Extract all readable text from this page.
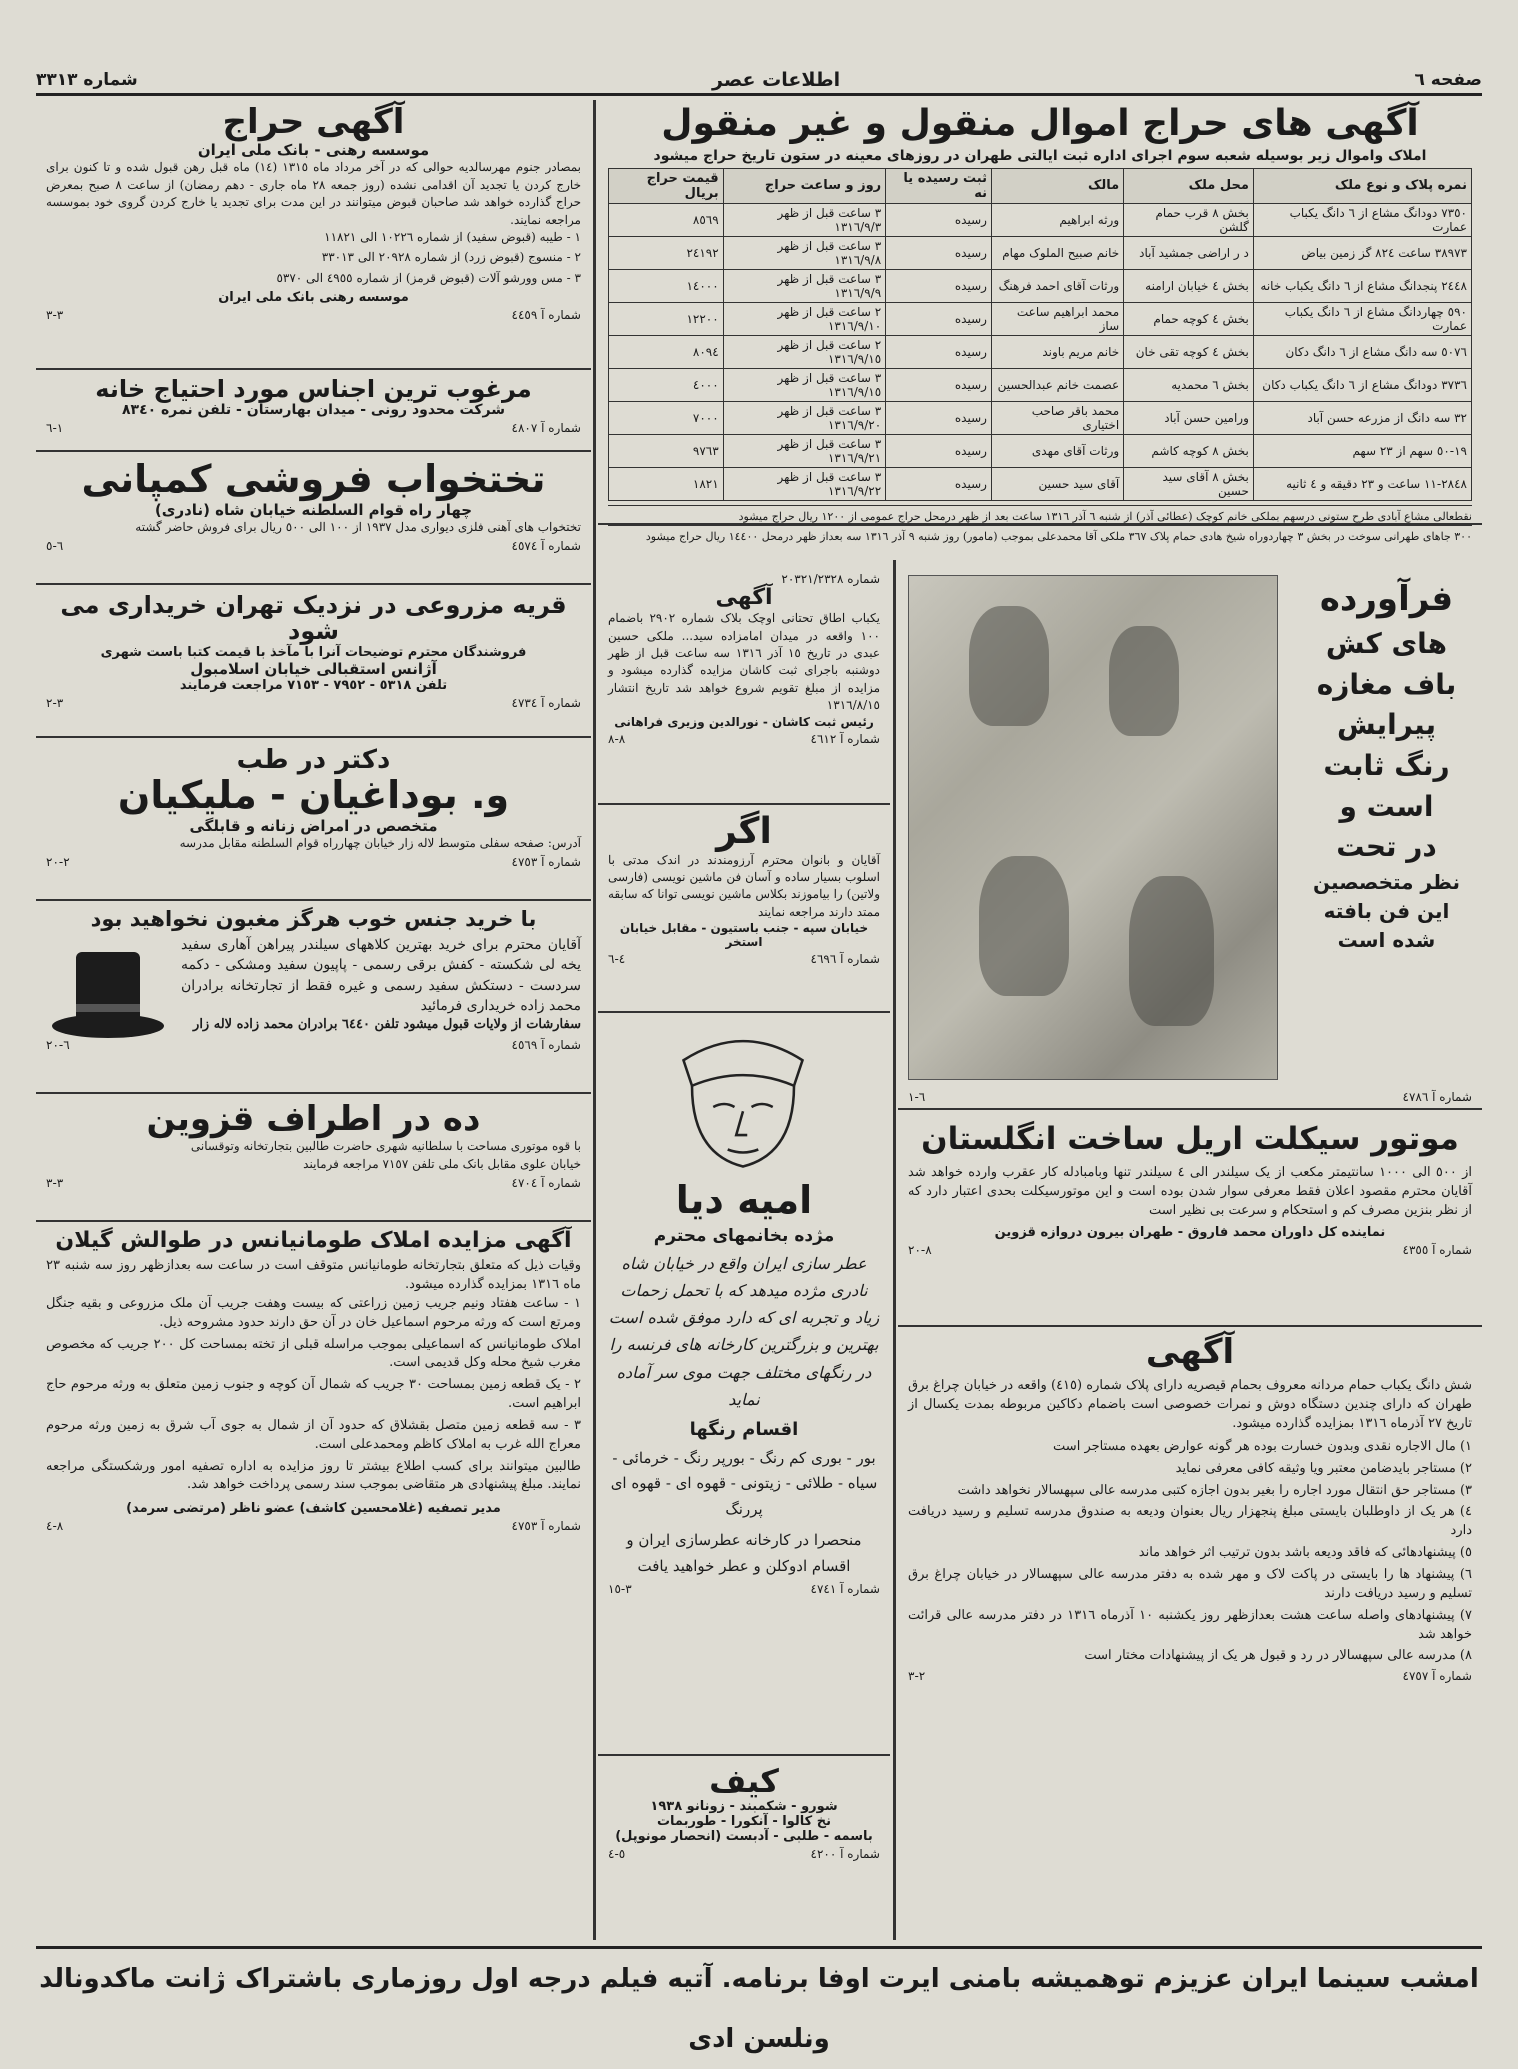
صفحه ٦
اطلاعات عصر
شماره ٣٣١٣
آگهی های حراج اموال منقول و غیر منقول
املاک واموال زیر بوسیله شعبه سوم اجرای اداره ثبت ایالتی طهران در روزهای معینه در ستون تاریخ حراج میشود
نمره پلاک و نوع ملک	محل ملک	مالک	ثبت رسیده یا نه	روز و ساعت حراج	قیمت حراج بریال
٧٣٥٠ دودانگ مشاع از ٦ دانگ یکباب عمارت	بخش ٨ قرب حمام گلشن	ورثه ابراهیم	رسیده	٣ ساعت قبل از ظهر ١٣١٦/٩/٣	٨٥٦٩
٣٨٩٧٣ ساعت ٨٢٤ گز زمین بیاض	د ر اراضی جمشید آباد	خانم صبیح الملوک مهام	رسیده	٣ ساعت قبل از ظهر ١٣١٦/٩/٨	٢٤١٩٢
٢٤٤٨ پنجدانگ مشاع از ٦ دانگ یکباب خانه	بخش ٤ خیابان ارامنه	ورثات آقای احمد فرهنگ	رسیده	٣ ساعت قبل از ظهر ١٣١٦/٩/٩	١٤٠٠٠
٥٩٠ چهاردانگ مشاع از ٦ دانگ یکباب عمارت	بخش ٤ کوچه حمام	محمد ابراهیم ساعت ساز	رسیده	٢ ساعت قبل از ظهر ١٣١٦/٩/١٠	١٢٢٠٠
٥٠٧٦ سه دانگ مشاع از ٦ دانگ دکان	بخش ٤ کوچه تقی خان	خانم مریم باوند	رسیده	٢ ساعت قبل از ظهر ١٣١٦/٩/١٥	٨٠٩٤
٣٧٣٦ دودانگ مشاع از ٦ دانگ یکباب دکان	بخش ٦ محمدیه	عصمت خانم عبدالحسین	رسیده	٣ ساعت قبل از ظهر ١٣١٦/٩/١٥	٤٠٠٠
٣٢ سه دانگ از مزرعه حسن آباد	ورامین حسن آباد	محمد باقر صاحب اختیاری	رسیده	٣ ساعت قبل از ظهر ١٣١٦/٩/٢٠	٧٠٠٠
١٩-٥٠ سهم از ٢٣ سهم	بخش ٨ کوچه کاشم	ورثات آقای مهدی	رسیده	٣ ساعت قبل از ظهر ١٣١٦/٩/٢١	٩٧٦٣
٢٨٤٨-١١ ساعت و ٢٣ دقیقه و ٤ ثانیه	بخش ٨ آقای سید حسین	آقای سید حسین	رسیده	٣ ساعت قبل از ظهر ١٣١٦/٩/٢٢	١٨٢١
نقطعالی مشاع آبادی طرح ستونی درسهم بملکی خانم کوچک (عطائی آذر) از شنبه ٦ آذر ١٣١٦ ساعت بعد از ظهر درمحل حراج عمومی از ١٢٠٠ ریال حراج میشود
٣٠٠ جاهای طهرانی سوخت در بخش ٣ چهاردوراه شیخ هادی حمام پلاک ٣٦٧ ملکی آقا محمدعلی بموجب (مامور) روز شنبه ٩ آذر ١٣١٦ سه بعداز ظهر درمحل ١٤٤٠٠ ریال حراج میشود
فرآورده
های کش
باف مغازه
پیرایش
رنگ ثابت
است و
در تحت
نظر متخصصین
این فن بافته
شده است
شماره آ ٤٧٨٦
٦-١
موتور سیکلت اریل ساخت انگلستان
از ٥٠٠ الی ١٠٠٠ سانتیمتر مکعب از یک سیلندر الی ٤ سیلندر تنها وبامبادله کار عقرب وارده خواهد شد آقایان محترم مقصود اعلان فقط معرفی سوار شدن بوده است و این موتورسیکلت بحدی اعتبار دارد که از نظر بنزین مصرف کم و استحکام و سرعت بی نظیر است
نماینده کل داوران محمد فاروق - طهران بیرون دروازه قزوین
شماره آ ٤٣٥٥
٨-٢٠
آگهی
شش دانگ یکباب حمام مردانه معروف بحمام قیصریه دارای پلاک شماره (٤١٥) واقعه در خیابان چراغ برق طهران که دارای چندین دستگاه دوش و نمرات خصوصی است باضمام دکاکین مربوطه بمدت یکسال از تاریخ ٢٧ آذرماه ١٣١٦ بمزایده گذارده میشود.

١) مال الاجاره نقدی وبدون خسارت بوده هر گونه عوارض بعهده مستاجر است

٢) مستاجر بایدضامن معتبر ویا وثیقه کافی معرفی نماید

٣) مستاجر حق انتقال مورد اجاره را بغیر بدون اجازه کتبی مدرسه عالی سپهسالار نخواهد داشت

٤) هر یک از داوطلبان بایستی مبلغ پنجهزار ریال بعنوان ودیعه به صندوق مدرسه تسلیم و رسید دریافت دارد

٥) پیشنهادهائی که فاقد ودیعه باشد بدون ترتیب اثر خواهد ماند

٦) پیشنهاد ها را بایستی در پاکت لاک و مهر شده به دفتر مدرسه عالی سپهسالار در خیابان چراغ برق تسلیم و رسید دریافت دارند

٧) پیشنهادهای واصله ساعت هشت بعدازظهر روز یکشنبه ١٠ آذرماه ١٣١٦ در دفتر مدرسه عالی قرائت خواهد شد

٨) مدرسه عالی سپهسالار در رد و قبول هر یک از پیشنهادات مختار است

شماره آ ٤٧٥٧
٢-٣
شماره ٢٠٣٢١/٢٣٢٨
آگهی
یکباب اطاق تحتانی اوچک بلاک شماره ٢٩٠٢ باضمام ١٠٠ واقعه در میدان امامزاده سید... ملکی حسین عبدی در تاریخ ١٥ آذر ١٣١٦ سه ساعت قبل از ظهر دوشنبه باجرای ثبت کاشان مزایده گذارده میشود و مزایده از مبلغ تقویم شروع خواهد شد تاریخ انتشار ١٣١٦/٨/١٥
رئیس ثبت کاشان - نورالدین وزیری فراهانی
شماره آ ٤٦١٢
٨-٨
اگر
آقایان و بانوان محترم آرزومندند در اندک مدتی با اسلوب بسیار ساده و آسان فن ماشین نویسی (فارسی ولاتین) را بیاموزند بکلاس ماشین نویسی توانا که سابقه ممتد دارند مراجعه نمایند
خیابان سپه - جنب باستیون - مقابل خیابان استخر
شماره آ ٤٦٩٦
٤-٦
امیه دیا
مژده بخانمهای محترم
عطر سازی ایران واقع در خیابان شاه نادری مژده میدهد که با تحمل زحمات زیاد و تجربه ای که دارد موفق شده است بهترین و بزرگترین کارخانه های فرنسه را در رنگهای مختلف جهت موی سر آماده نماید
اقسام رنگها
بور - بوری کم رنگ - بورپر رنگ - خرمائی - سیاه - طلائی - زیتونی - قهوه ای - قهوه ای پررنگ
منحصرا در کارخانه عطرسازی ایران و اقسام ادوکلن و عطر خواهید یافت
شماره آ ٤٧٤١
٣-١٥
کیف
شورو - شکمبند - زونانو ١٩٣٨
نخ کالوا - آنکورا - طوربمات
باسمه - طلبی - آدبست (انحصار مونوپل)
شماره آ ٤٢٠٠
٥-٤
آگهی حراج
موسسه رهنی - بانک ملی ایران
بمصادر جنوم مهرسالدیه حوالی که در آخر مرداد ماه ١٣١٥ (١٤) ماه قبل رهن قبول شده و تا کنون برای خارج کردن یا تجدید آن اقدامی نشده (روز جمعه ٢٨ ماه جاری - دهم رمضان) از ساعت ٨ صبح بمعرض حراج گذارده خواهد شد صاحبان قبوض میتوانند در این مدت برای تجدید یا خارج کردن گروی خود بموسسه مراجعه نمایند.

١ - طیبه (قبوض سفید) از شماره ١٠٢٢٦ الی ١١٨٢١

٢ - منسوج (قبوض زرد) از شماره ٢٠٩٢٨ الی ٣٣٠١٣

٣ - مس وورشو آلات (قبوض قرمز) از شماره ٤٩٥٥ الی ٥٣٧٠

موسسه رهنی بانک ملی ایران
شماره آ ٤٤٥٩
٣-٣
مرغوب ترین اجناس مورد احتیاج خانه
شرکت محدود رونی - میدان بهارستان - تلفن نمره ٨٣٤٠
شماره آ ٤٨٠٧
١-٦
تختخواب فروشی کمپانی
چهار راه قوام السلطنه خیابان شاه (نادری)
تختخواب های آهنی فلزی دیواری مدل ١٩٣٧ از ١٠٠ الی ٥٠٠ ریال برای فروش حاضر گشته
شماره آ ٤٥٧٤
٦-٥
قریه مزروعی در نزدیک تهران خریداری می شود
فروشندگان محترم توضیحات آنرا با مآخذ با قیمت کتبا باست شهری
آژانس استقبالی خیابان اسلامبول
تلفن ٥٣١٨ - ٧٩٥٢ - ٧١٥٣ مراجعت فرمایند
شماره آ ٤٧٣٤
٣-٢
دکتر در طب
و. بوداغیان - ملیکیان
متخصص در امراض زنانه و قابلگی
آدرس: صفحه سفلی متوسط لاله زار خیابان چهارراه قوام السلطنه مقابل مدرسه
شماره آ ٤٧٥٣
٢-٢٠
با خرید جنس خوب هرگز مغبون نخواهید بود
آقایان محترم برای خرید بهترین کلاههای سیلندر پیراهن آهاری سفید یخه لی شکسته - کفش برقی رسمی - پاپیون سفید ومشکی - دکمه سردست - دستکش سفید رسمی و غیره فقط از تجارتخانه برادران محمد زاده خریداری فرمائید
سفارشات از ولایات قبول میشود تلفن ٦٤٤٠ برادران محمد زاده لاله زار
شماره آ ٤٥٦٩
٦-٢٠
ده در اطراف قزوین
با قوه موتوری مساحت با سلطانیه شهری حاضرت طالبین بتجارتخانه وتوقسانی
خیابان علوی مقابل بانک ملی تلفن ٧١٥٧ مراجعه فرمایند
شماره آ ٤٧٠٤
٣-٣
آگهی مزایده املاک طومانیانس در طوالش گیلان
وقیات ذیل که متعلق بتجارتخانه طومانیانس متوقف است در ساعت سه بعدازظهر روز سه شنبه ٢٣ ماه ١٣١٦ بمزایده گذارده میشود.

١ - ساعت هفتاد ونیم جریب زمین زراعتی که بیست وهفت جریب آن ملک مزروعی و بقیه جنگل ومرتع است که ورثه مرحوم اسماعیل خان در آن حق دارند حدود مشروحه ذیل.

املاک طومانیانس که اسماعیلی بموجب مراسله قبلی از تخته بمساحت کل ٢٠٠ جریب که مخصوص مغرب شیخ محله وکل قدیمی است.

٢ - یک قطعه زمین بمساحت ٣٠ جریب که شمال آن کوچه و جنوب زمین متعلق به ورثه مرحوم حاج ابراهیم است.

٣ - سه قطعه زمین متصل بقشلاق که حدود آن از شمال به جوی آب شرق به زمین ورثه مرحوم معراج الله غرب به املاک کاظم ومحمدعلی است.

طالبین میتوانند برای کسب اطلاع بیشتر تا روز مزایده به اداره تصفیه امور ورشکستگی مراجعه نمایند. مبلغ پیشنهادی هر متقاضی بموجب سند رسمی پرداخت خواهد شد.

مدیر تصفیه (غلامحسین کاشف) عضو ناظر (مرتضی سرمد)
شماره آ ٤٧٥٣
٨-٤
امشب سینما ایران عزیزم توهمیشه بامنی ایرت اوفا برنامه. آتیه فیلم درجه اول روزماری باشتراک ژانت ماکدونالد ونلسن ادی
